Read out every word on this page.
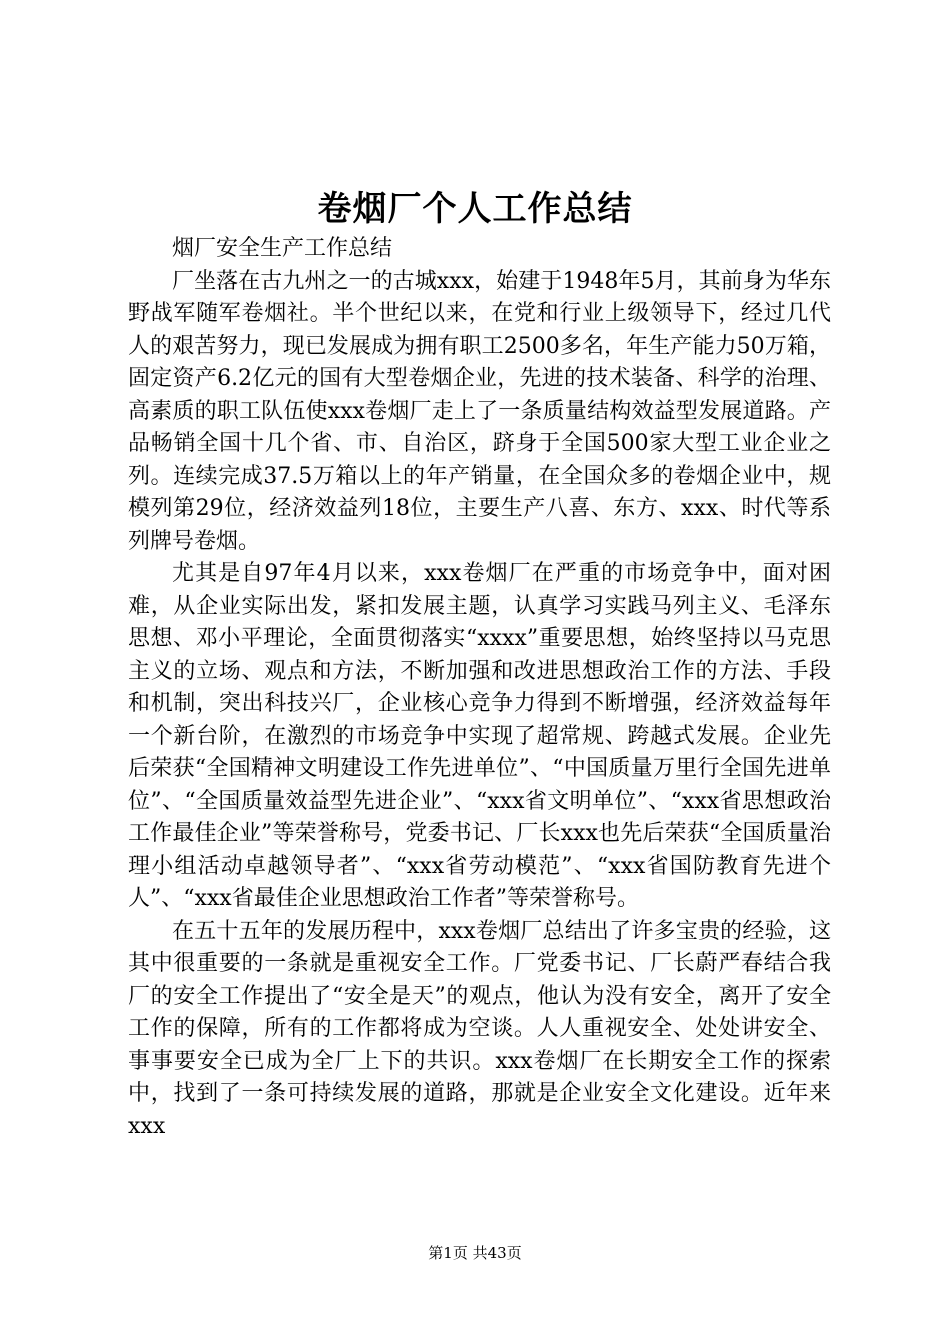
卷烟厂个人工作总结
烟厂安全生产工作总结

厂坐落在古九州之一的古城xxx，始建于1948年5月，其前身为华东野战军随军卷烟社。半个世纪以来，在党和行业上级领导下，经过几代人的艰苦努力，现已发展成为拥有职工2500多名，年生产能力50万箱，固定资产6.2亿元的国有大型卷烟企业，先进的技术装备、科学的治理、高素质的职工队伍使xxx卷烟厂走上了一条质量结构效益型发展道路。产品畅销全国十几个省、市、自治区，跻身于全国500家大型工业企业之列。连续完成37.5万箱以上的年产销量，在全国众多的卷烟企业中，规模列第29位，经济效益列18位，主要生产八喜、东方、xxx、时代等系列牌号卷烟。

尤其是自97年4月以来，xxx卷烟厂在严重的市场竞争中，面对困难，从企业实际出发，紧扣发展主题，认真学习实践马列主义、毛泽东思想、邓小平理论，全面贯彻落实“xxxx”重要思想，始终坚持以马克思主义的立场、观点和方法，不断加强和改进思想政治工作的方法、手段和机制，突出科技兴厂，企业核心竞争力得到不断增强，经济效益每年一个新台阶，在激烈的市场竞争中实现了超常规、跨越式发展。企业先后荣获“全国精神文明建设工作先进单位”、“中国质量万里行全国先进单位”、“全国质量效益型先进企业”、“xxx省文明单位”、“xxx省思想政治工作最佳企业”等荣誉称号，党委书记、厂长xxx也先后荣获“全国质量治理小组活动卓越领导者”、“xxx省劳动模范”、“xxx省国防教育先进个人”、“xxx省最佳企业思想政治工作者”等荣誉称号。

在五十五年的发展历程中，xxx卷烟厂总结出了许多宝贵的经验，这其中很重要的一条就是重视安全工作。厂党委书记、厂长蔚严春结合我厂的安全工作提出了“安全是天”的观点，他认为没有安全，离开了安全工作的保障，所有的工作都将成为空谈。人人重视安全、处处讲安全、事事要安全已成为全厂上下的共识。xxx卷烟厂在长期安全工作的探索中，找到了一条可持续发展的道路，那就是企业安全文化建设。近年来xxx

第1页 共43页
